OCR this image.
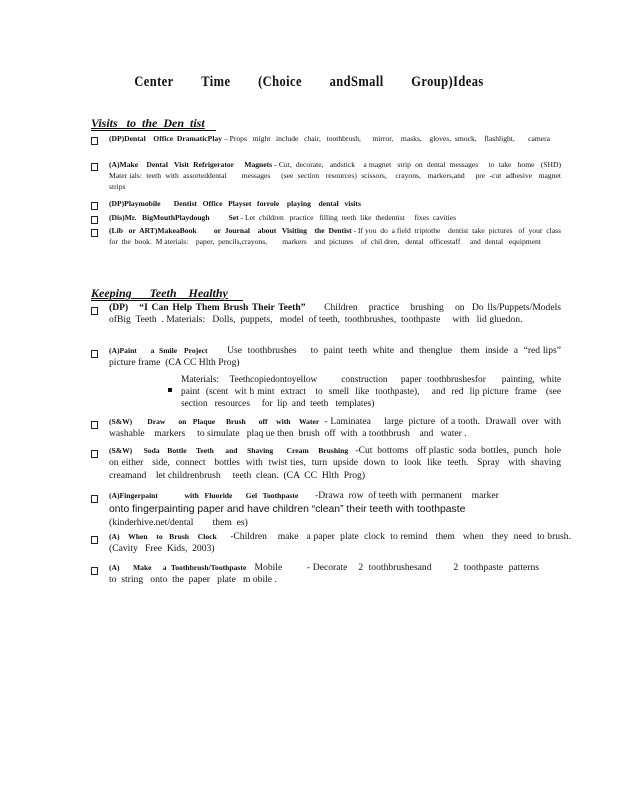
Center Time (Choice andSmall Group)Ideas
Visits   to  the  Den  tist
(DP)Dental    Office  DramaticPlay – Props   might   include   chair,   toothbrush,      mirror,    masks,    gloves,  smock,    flashlight,       camera
(A)Make    Dental   Visit  Refrigerator     Magnets - Cut,  decorate,   andstick    a magnet   strip  on  dental  messages     to  take   home   (SHD)  Mater ials:  teeth  with  assorteddental       messages     (see  section   resources)  scissors,    crayons,   markers,and     pre  -cut  adhesive   magnet    strips
(DP)Playmobile       Dentist   Office   Playset   forrole    playing    dental   visits
(Dis)Mr.   BigMouthPlaydough          Set - Let  children   practice   filling  teeth  like  thedentist     fixes  cavities
(Lib   or  ART)MakeaBook         or  Journal    about   Visiting    the  Dentist - If you  do  a field  triptothe    dentist  take  pictures   of  your  class  for  the  book.  M aterials:    paper,  pencils,crayons,        markers    and  pictures    of  chil dren,   dental   officestaff     and  dental   equipment
Keeping      Teeth    Healthy
(DP)   “I Can Help Them Brush Their Teeth” Children   practice   brushing   on  Do lls/Puppets/Models       ofBig  Teeth  . Materials:   Dolls,  puppets,   model  of teeth,  toothbrushes,  toothpaste     with   lid gluedon.
(A)Paint      a  Smile   Project Use  toothbrushes     to  paint  teeth  white  and  thenglue   them  inside  a  “red lips” picture frame  (CA CC Hlth Prog)
Materials:    Teethcopiedontoyellow         construction     paper  toothbrushesfor      painting,  white  paint  (scent  wit h mint  extract   to  smell  like  toothpaste),    and  red  lip picture  frame   (see  section   resources     for  lip  and  teeth   templates)
(S&W)       Draw      on   Plaque     Brush      off    with    Water - Laminatea     large  picture  of a tooth.  Drawall  over  with  washable    markers     to simulate   plaq ue then  brush  off  with  a toothbrush    and   water .
(S&W)      Soda    Bottle     Teeth      and     Shaving       Cream     Brushing -Cut  bottoms   off plastic  soda  bottles,  punch   hole  on either   side,  connect   bottles  with  twist ties,  turn  upside  down  to  look  like  teeth.   Spray   with  shaving  creamand    let childrenbrush     teeth  clean.  (CA  CC  Hlth  Prog)
(A)Fingerpaint              with   Fluoride       Gel   Toothpaste -Drawa  row  of teeth with  permanent    marker
onto fingerpainting paper and have children “clean” their teeth with toothpaste
(kinderhive.net/dental        them  es)
(A)    When    to   Brush    Clock -Children    make   a paper  plate  clock  to remind   them   when   they  need  to brush.    (Cavity   Free  Kids,  2003)
(A)      Make     a  Toothbrush/Toothpaste Mobile         - Decorate    2  toothbrushesand        2  toothpaste  patterns    to  string   onto  the  paper   plate   m obile .
